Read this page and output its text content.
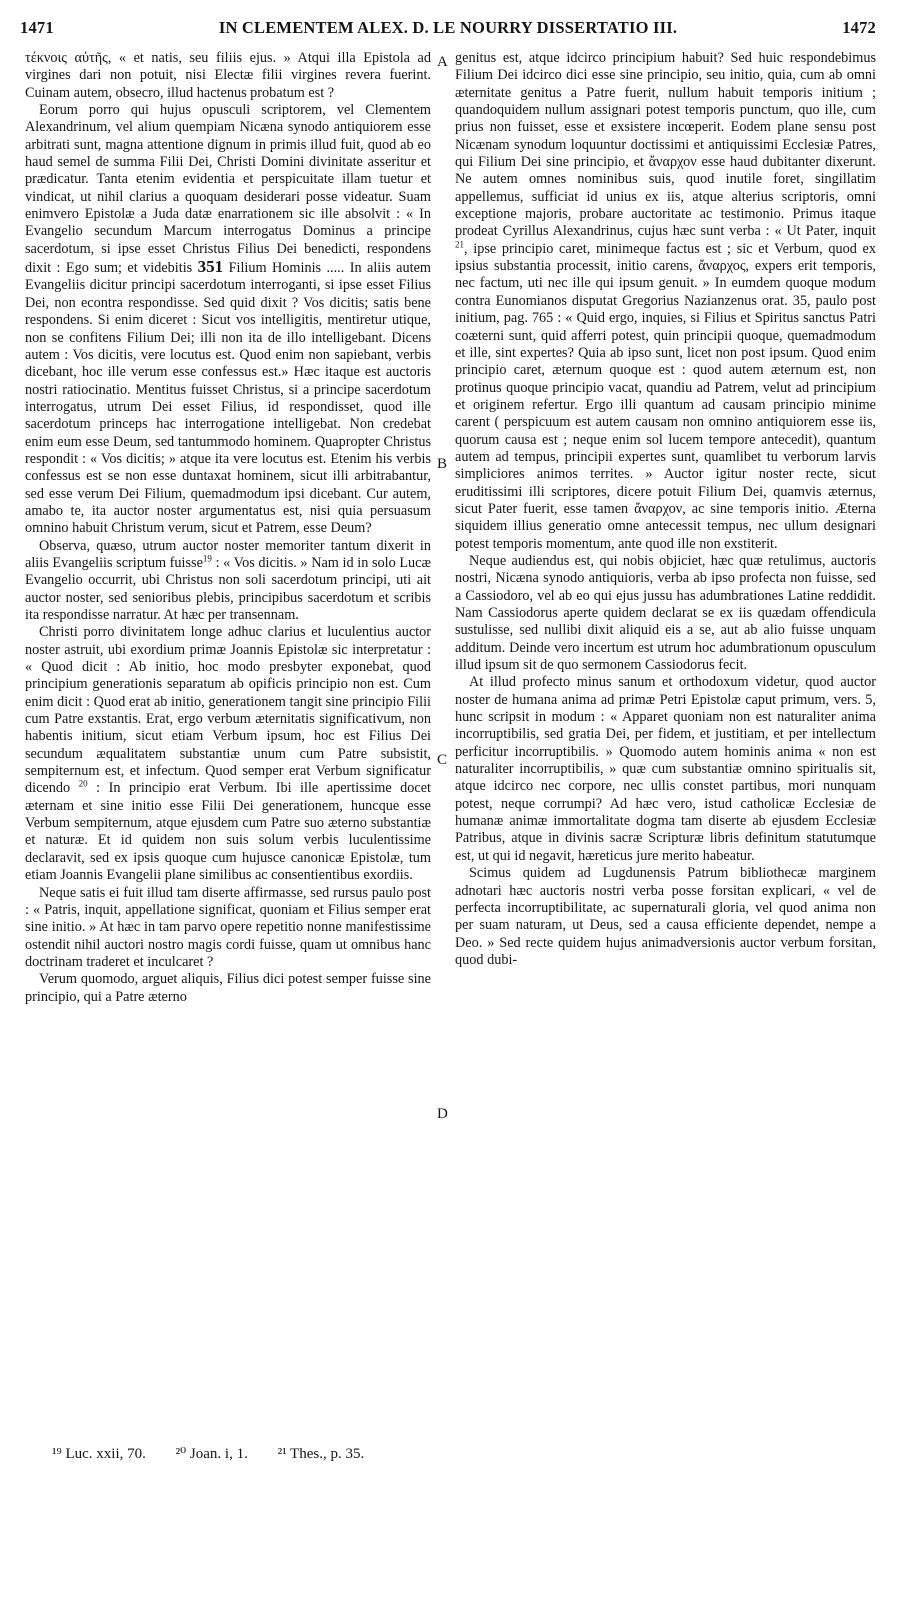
1471	IN CLEMENTEM ALEX. D. LE NOURRY DISSERTATIO III.	1472

τέκνοις αὐτῆς, « et natis, seu filiis ejus. » Atqui illa Epistola ad virgines dari non potuit, nisi Electæ filii virgines revera fuerint. Cuinam autem, obsecro, illud hactenus probatum est ?

Eorum porro qui hujus opusculi scriptorem, vel Clementem Alexandrinum, vel alium quempiam Nicæna synodo antiquiorem esse arbitrati sunt, magna attentione dignum in primis illud fuit, quod ab eo haud semel de summa Filii Dei, Christi Domini divinitate asseritur et prædicatur. Tanta etenim evidentia et perspicuitate illam tuetur et vindicat, ut nihil clarius a quoquam desiderari posse videatur. Suam enimvero Epistolæ a Juda datæ enarrationem sic ille absolvit : « In Evangelio secundum Marcum interrogatus Dominus a principe sacerdotum, si ipse esset Christus Filius Dei benedicti, respondens dixit : Ego sum; et videbitis 351 Filium Hominis ..... In aliis autem Evangeliis dicitur principi sacerdotum interroganti, si ipse esset Filius Dei, non econtra respondisse. Sed quid dixit ? Vos dicitis; satis bene respondens. Si enim diceret : Sicut vos intelligitis, mentiretur utique, non se confitens Filium Dei; illi non ita de illo intelligebant. Dicens autem : Vos dicitis, vere locutus est. Quod enim non sapiebant, verbis dicebant, hoc ille verum esse confessus est.» Hæc itaque est auctoris nostri ratiocinatio. Mentitus fuisset Christus, si a principe sacerdotum interrogatus, utrum Dei esset Filius, id respondisset, quod ille sacerdotum princeps hac interrogatione intelligebat. Non credebat enim eum esse Deum, sed tantummodo hominem. Quapropter Christus respondit : « Vos dicitis; » atque ita vere locutus est. Etenim his verbis confessus est se non esse duntaxat hominem, sicut illi arbitrabantur, sed esse verum Dei Filium, quemadmodum ipsi dicebant. Cur autem, amabo te, ita auctor noster argumentatus est, nisi quia persuasum omnino habuit Christum verum, sicut et Patrem, esse Deum?

Observa, quæso, utrum auctor noster memoriter tantum dixerit in aliis Evangeliis scriptum fuisse$^{19}$ : « Vos dicitis. » Nam id in solo Lucæ Evangelio occurrit, ubi Christus non soli sacerdotum principi, uti ait auctor noster, sed senioribus plebis, principibus sacerdotum et scribis ita respondisse narratur. At hæc per transennam.

Christi porro divinitatem longe adhuc clarius et luculentius auctor noster astruit, ubi exordium primæ Joannis Epistolæ sic interpretatur : « Quod dicit : Ab initio, hoc modo presbyter exponebat, quod principium generationis separatum ab opificis principio non est. Cum enim dicit : Quod erat ab initio, generationem tangit sine principio Filii cum Patre exstantis. Erat, ergo verbum æternitatis significativum, non habentis initium, sicut etiam Verbum ipsum, hoc est Filius Dei secundum æqualitatem substantiæ unum cum Patre subsistit, sempiternum est, et infectum. Quod semper erat Verbum significatur dicendo $^{20}$ : In principio erat Verbum. Ibi ille apertissime docet æternam et sine initio esse Filii Dei generationem, huncque esse Verbum sempiternum, atque ejusdem cum Patre suo æterno substantiæ et naturæ. Et id quidem non suis solum verbis luculentissime declaravit, sed ex ipsis quoque cum hujusce canonicæ Epistolæ, tum etiam Joannis Evangelii plane similibus ac consentientibus exordiis.

Neque satis ei fuit illud tam diserte affirmasse, sed rursus paulo post : « Patris, inquit, appellatione significat, quoniam et Filius semper erat sine initio. » At hæc in tam parvo opere repetitio nonne manifestissime ostendit nihil auctori nostro magis cordi fuisse, quam ut omnibus hanc doctrinam traderet et inculcaret ?

Verum quomodo, arguet aliquis, Filius dici potest semper fuisse sine principio, qui a Patre æterno

genitus est, atque idcirco principium habuit? Sed huic respondebimus Filium Dei idcirco dici esse sine principio, seu initio, quia, cum ab omni æternitate genitus a Patre fuerit, nullum habuit temporis initium ; quandoquidem nullum assignari potest temporis punctum, quo ille, cum prius non fuisset, esse et exsistere incœperit. Eodem plane sensu post Nicænam synodum loquuntur doctissimi et antiquissimi Ecclesiæ Patres, qui Filium Dei sine principio, et ἄναρχον esse haud dubitanter dixerunt. Ne autem omnes nominibus suis, quod inutile foret, singillatim appellemus, sufficiat id unius ex iis, atque alterius scriptoris, omni exceptione majoris, probare auctoritate ac testimonio. Primus itaque prodeat Cyrillus Alexandrinus, cujus hæc sunt verba : « Ut Pater, inquit $^{21}$, ipse principio caret, minimeque factus est ; sic et Verbum, quod ex ipsius substantia processit, initio carens, ἄναρχος, expers erit temporis, nec factum, uti nec ille qui ipsum genuit. » In eumdem quoque modum contra Eunomianos disputat Gregorius Nazianzenus orat. 35, paulo post initium, pag. 765 : « Quid ergo, inquies, si Filius et Spiritus sanctus Patri coæterni sunt, quid afferri potest, quin principii quoque, quemadmodum et ille, sint expertes? Quia ab ipso sunt, licet non post ipsum. Quod enim principio caret, æternum quoque est : quod autem æternum est, non protinus quoque principio vacat, quandiu ad Patrem, velut ad principium et originem refertur. Ergo illi quantum ad causam principio minime carent ( perspicuum est autem causam non omnino antiquiorem esse iis, quorum causa est ; neque enim sol lucem tempore antecedit), quantum autem ad tempus, principii expertes sunt, quamlibet tu verborum larvis simpliciores animos territes. » Auctor igitur noster recte, sicut eruditissimi illi scriptores, dicere potuit Filium Dei, quamvis æternus, sicut Pater fuerit, esse tamen ἄναρχον, ac sine temporis initio. Æterna siquidem illius generatio omne antecessit tempus, nec ullum designari potest temporis momentum, ante quod ille non exstiterit.

Neque audiendus est, qui nobis objiciet, hæc quæ retulimus, auctoris nostri, Nicæna synodo antiquioris, verba ab ipso profecta non fuisse, sed a Cassiodoro, vel ab eo qui ejus jussu has adumbrationes Latine reddidit. Nam Cassiodorus aperte quidem declarat se ex iis quædam offendicula sustulisse, sed nullibi dixit aliquid eis a se, aut ab alio fuisse unquam additum. Deinde vero incertum est utrum hoc adumbrationum opusculum illud ipsum sit de quo sermonem Cassiodorus fecit.

At illud profecto minus sanum et orthodoxum videtur, quod auctor noster de humana anima ad primæ Petri Epistolæ caput primum, vers. 5, hunc scripsit in modum : « Apparet quoniam non est naturaliter anima incorruptibilis, sed gratia Dei, per fidem, et justitiam, et per intellectum perficitur incorruptibilis. » Quomodo autem hominis anima « non est naturaliter incorruptibilis, » quæ cum substantiæ omnino spiritualis sit, atque idcirco nec corpore, nec ullis constet partibus, mori nunquam potest, neque corrumpi? Ad hæc vero, istud catholicæ Ecclesiæ de humanæ animæ immortalitate dogma tam diserte ab ejusdem Ecclesiæ Patribus, atque in divinis sacræ Scripturæ libris definitum statutumque est, ut qui id negavit, hæreticus jure merito habeatur.

Scimus quidem ad Lugdunensis Patrum bibliothecæ marginem adnotari hæc auctoris nostri verba posse forsitan explicari, « vel de perfecta incorruptibilitate, ac supernaturali gloria, vel quod anima non per suam naturam, ut Deus, sed a causa efficiente dependet, nempe a Deo. » Sed recte quidem hujus animadversionis auctor verbum forsitan, quod dubi-

A
B
C
D
¹⁹ Luc. xxii, 70. ²⁰ Joan. i, 1. ²¹ Thes., p. 35.
